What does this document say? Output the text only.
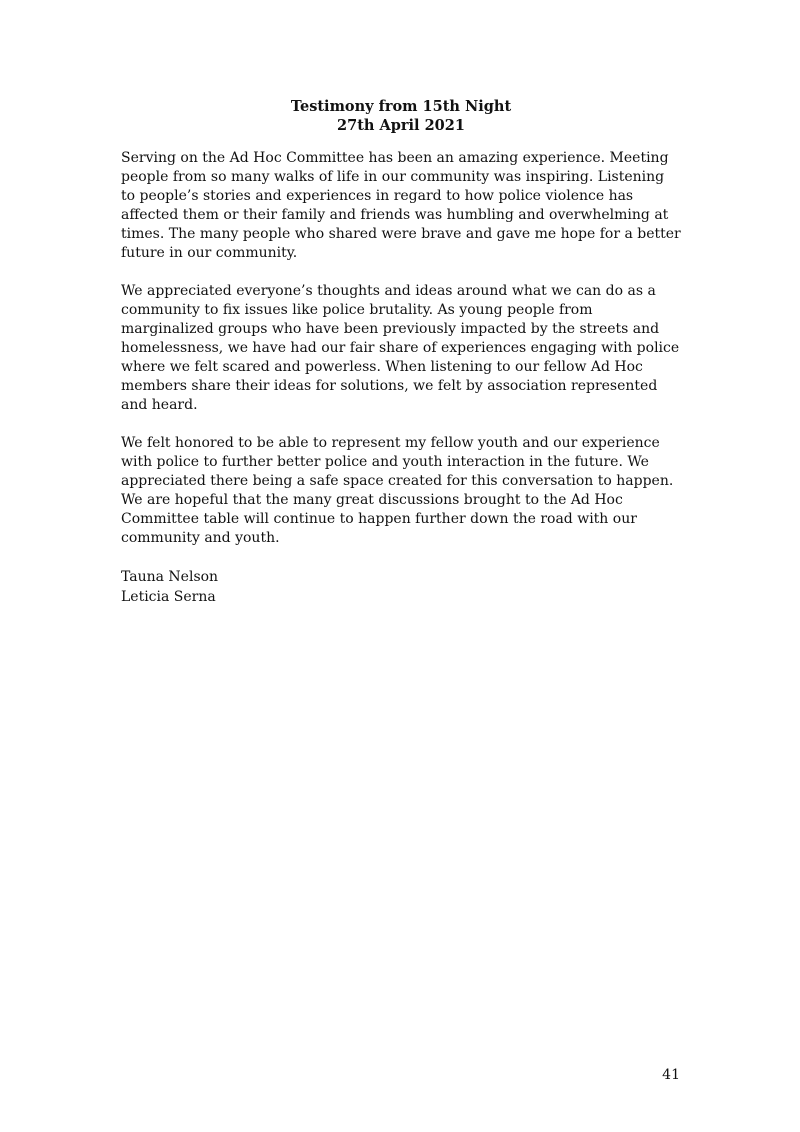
Testimony from 15th Night
27th April 2021

Serving on the Ad Hoc Committee has been an amazing experience. Meeting people from so many walks of life in our community was inspiring. Listening to people’s stories and experiences in regard to how police violence has affected them or their family and friends was humbling and overwhelming at times. The many people who shared were brave and gave me hope for a better future in our community.

We appreciated everyone’s thoughts and ideas around what we can do as a community to fix issues like police brutality. As young people from marginalized groups who have been previously impacted by the streets and homelessness, we have had our fair share of experiences engaging with police where we felt scared and powerless. When listening to our fellow Ad Hoc members share their ideas for solutions, we felt by association represented and heard.

We felt honored to be able to represent my fellow youth and our experience with police to further better police and youth interaction in the future. We appreciated there being a safe space created for this conversation to happen. We are hopeful that the many great discussions brought to the Ad Hoc Committee table will continue to happen further down the road with our community and youth.

Tauna Nelson
Leticia Serna
41
